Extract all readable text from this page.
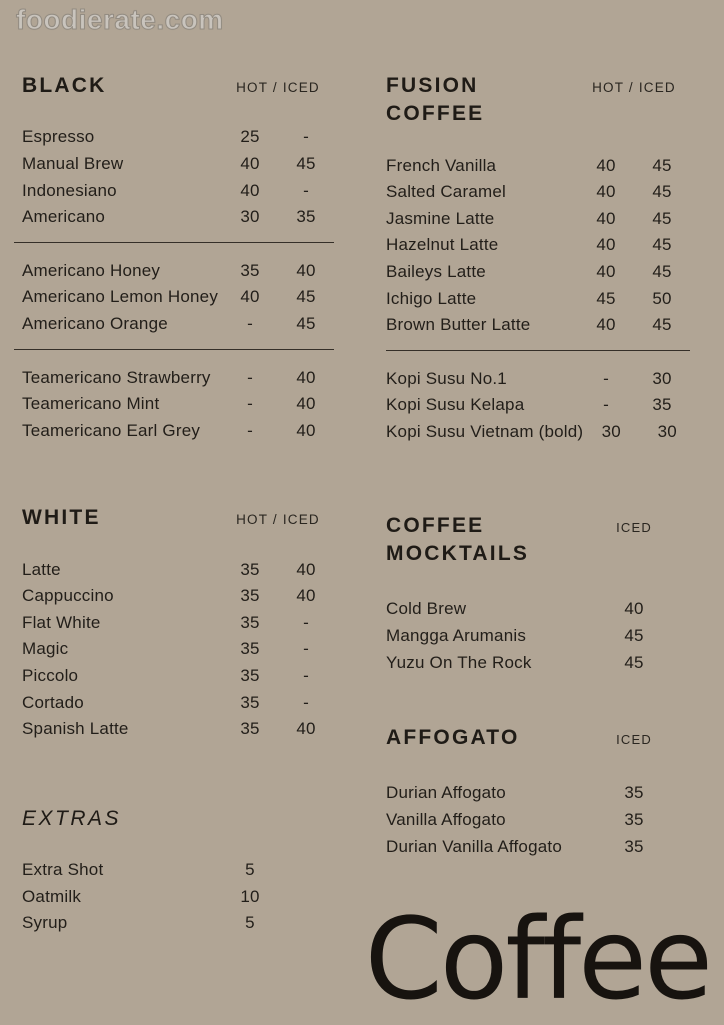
foodierate.com
BLACK	HOT / ICED
Espresso	25	-
Manual Brew	40	45
Indonesiano	40	-
Americano	30	35
Americano Honey	35	40
Americano Lemon Honey	40	45
Americano Orange	-	45
Teamericano Strawberry	-	40
Teamericano Mint	-	40
Teamericano Earl Grey	-	40
WHITE	HOT / ICED
Latte	35	40
Cappuccino	35	40
Flat White	35	-
Magic	35	-
Piccolo	35	-
Cortado	35	-
Spanish Latte	35	40
EXTRAS
Extra Shot	5
Oatmilk	10
Syrup	5
FUSION COFFEE
HOT / ICED
French Vanilla	40	45
Salted Caramel	40	45
Jasmine Latte	40	45
Hazelnut Latte	40	45
Baileys Latte	40	45
Ichigo Latte	45	50
Brown Butter Latte	40	45
Kopi Susu No.1	-	30
Kopi Susu Kelapa	-	35
Kopi Susu Vietnam (bold)	30	30
COFFEE MOCKTAILS
ICED
Cold Brew	40
Mangga Arumanis	45
Yuzu On The Rock	45
AFFOGATO	ICED
Durian Affogato	35
Vanilla Affogato	35
Durian Vanilla Affogato	35
Coffee
